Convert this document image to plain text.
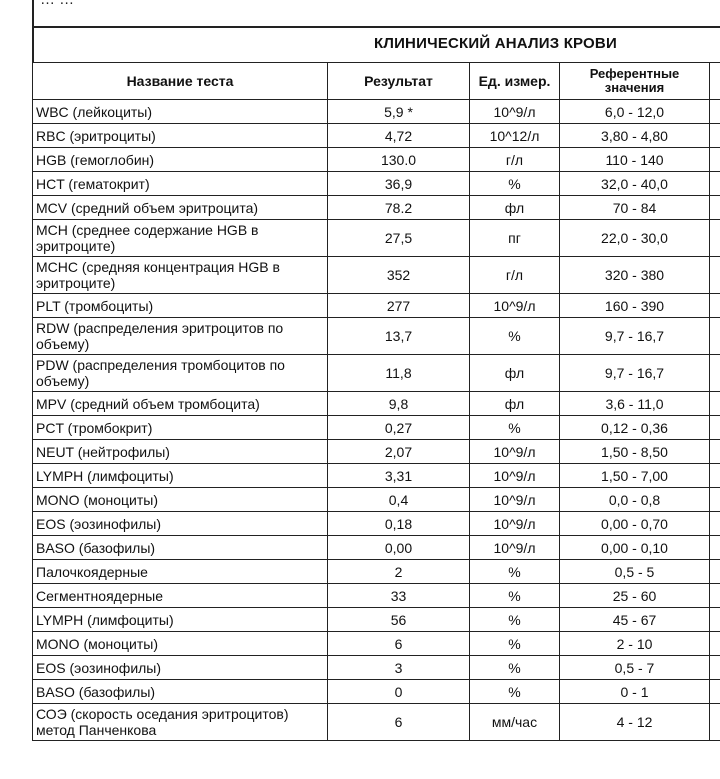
КЛИНИЧЕСКИЙ АНАЛИЗ КРОВИ
Название теста	Результат	Ед. измер.	Референтные значения	
WBC (лейкоциты)	5,9 *	10^9/л	6,0 - 12,0	
RBC (эритроциты)	4,72	10^12/л	3,80 - 4,80	
HGB (гемоглобин)	130.0	г/л	110 - 140	
HCT (гематокрит)	36,9	%	32,0 - 40,0	
MCV (средний объем эритроцита)	78.2	фл	70 - 84	
MCH (среднее содержание HGB в эритроците)	27,5	пг	22,0 - 30,0	
MCHC (средняя концентрация HGB в эритроците)	352	г/л	320 - 380	
PLT (тромбоциты)	277	10^9/л	160 - 390	
RDW (распределения эритроцитов по объему)	13,7	%	9,7 - 16,7	
PDW (распределения тромбоцитов по объему)	11,8	фл	9,7 - 16,7	
MPV (средний объем тромбоцита)	9,8	фл	3,6 - 11,0	
PCT (тромбокрит)	0,27	%	0,12 - 0,36	
NEUT (нейтрофилы)	2,07	10^9/л	1,50 - 8,50	
LYMPH (лимфоциты)	3,31	10^9/л	1,50 - 7,00	
MONO (моноциты)	0,4	10^9/л	0,0 - 0,8	
EOS (эозинофилы)	0,18	10^9/л	0,00 - 0,70	
BASO (базофилы)	0,00	10^9/л	0,00 - 0,10	
Палочкоядерные	2	%	0,5 - 5	
Сегментноядерные	33	%	25 - 60	
LYMPH (лимфоциты)	56	%	45 - 67	
MONO (моноциты)	6	%	2 - 10	
EOS (эозинофилы)	3	%	0,5 - 7	
BASO (базофилы)	0	%	0 - 1	
СОЭ (скорость оседания эритроцитов) метод Панченкова	6	мм/час	4 - 12	
